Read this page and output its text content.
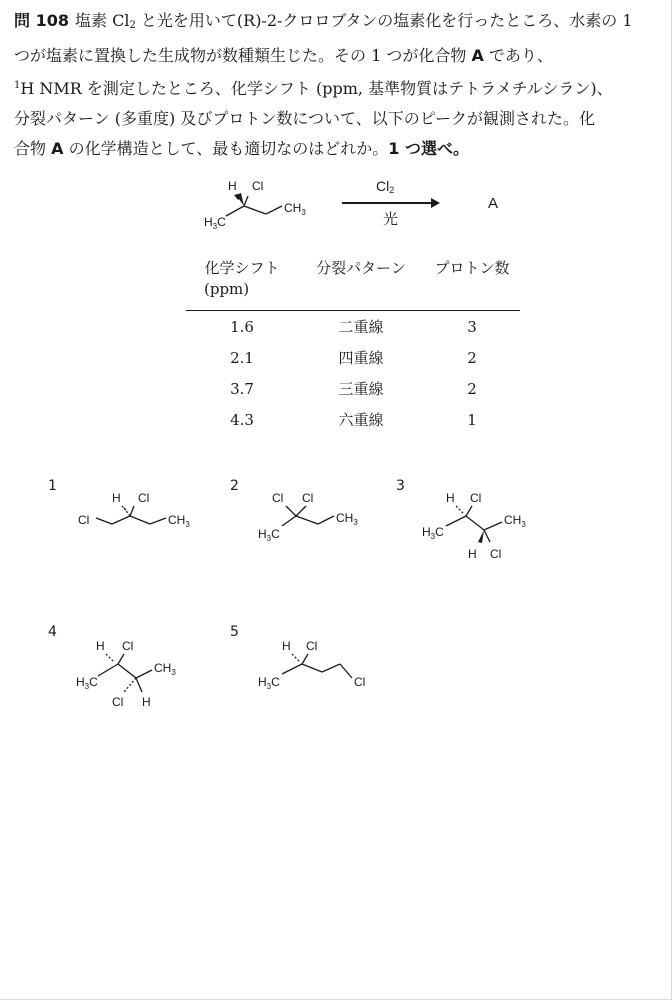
問 108 塩素 $Cl_2$ と光を用いて(R)-2-クロロブタンの塩素化を行ったところ、水素の 1
つが塩素に置換した生成物が数種類生じた。その 1 つが化合物 A であり、
$^1$H NMR を測定したところ、化学シフト (ppm, 基準物質はテトラメチルシラン)、
分裂パターン (多重度) 及びプロトン数について、以下のピークが観測された。化
合物 A の化学構造として、最も適切なのはどれか。1 つ選べ。
H Cl
$H_3C$
$CH_3$
$Cl_2$
光
A
化学シフト	分裂パターン	プロトン数
(ppm)		

1.6	二重線	3
2.1	四重線	2
3.7	三重線	2
4.3	六重線	1
1	2	3
4	5
H Cl
Cl	$CH_3$
Cl Cl
$H_3C$
$CH_3$
H Cl
$H_3C$
$CH_3$
H Cl
H Cl
$H_3C$
$CH_3$
Cl H
H Cl
$H_3C$	Cl
